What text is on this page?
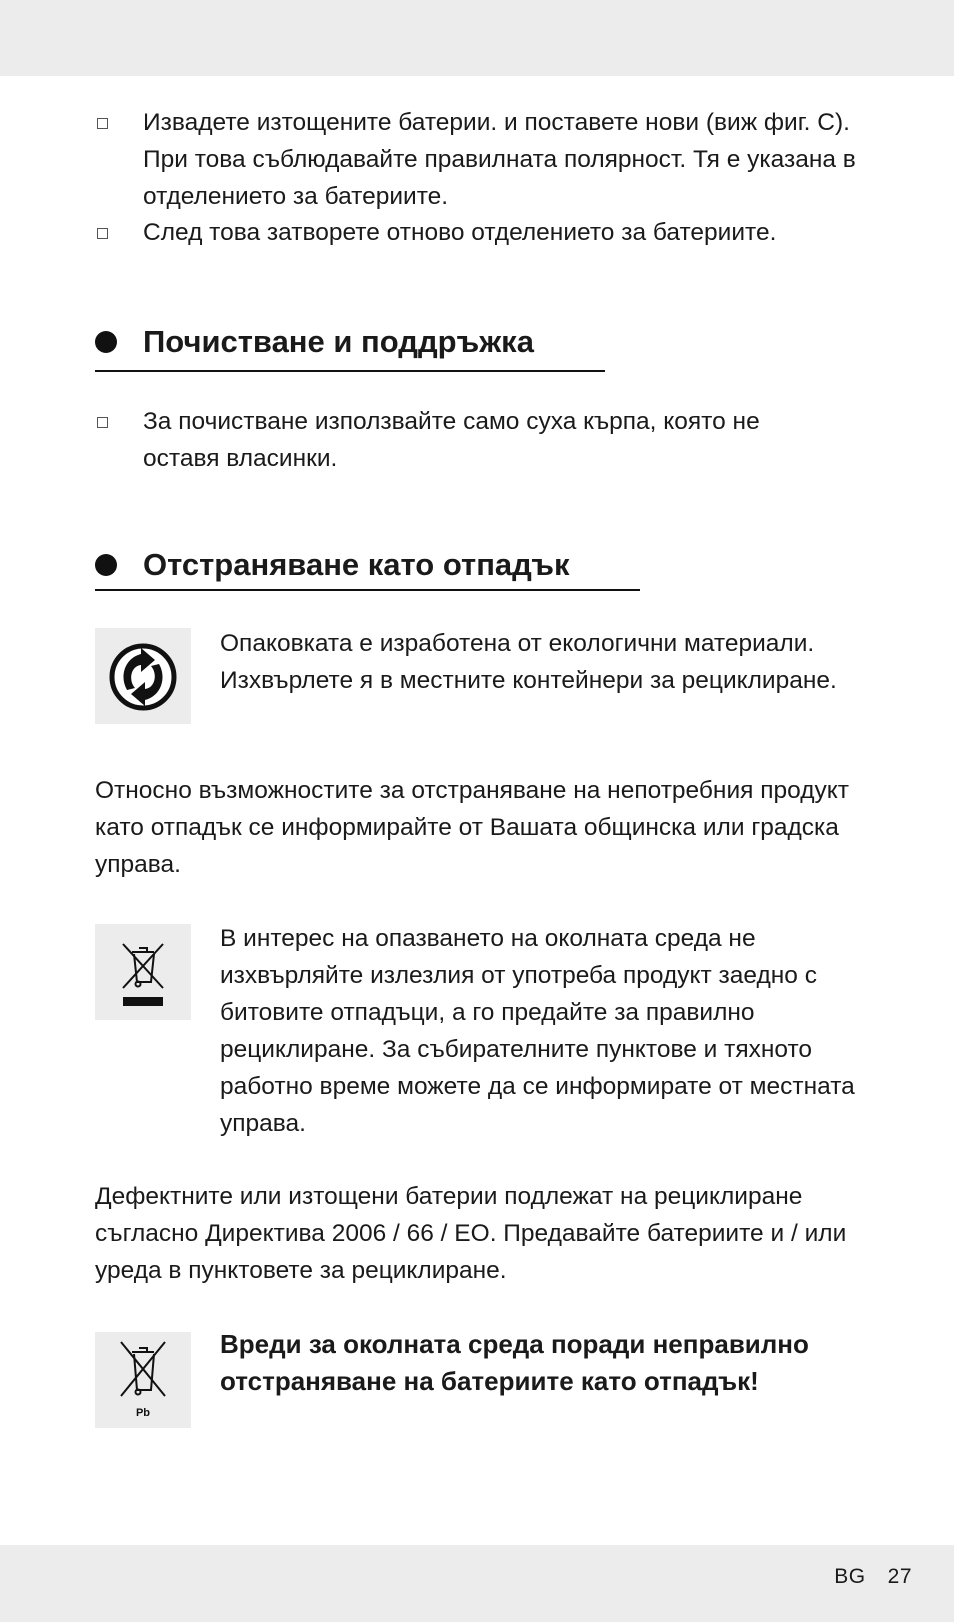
Извадете изтощените батерии. и поставете нови (виж фиг. C). При това съблюдавайте правилната полярност. Тя е указана в отделението за батериите.
След това затворете отново отделението за батериите.
Почистване и поддръжка
За почистване използвайте само суха кърпа, която не оставя власинки.
Отстраняване като отпадък
Опаковката е изработена от екологични материали. Изхвърлете я в местните контейнери за рециклиране.
Относно възможностите за отстраняване на непотребния продукт като отпадък се информирайте от Вашата общинска или градска управа.
В интерес на опазването на околната среда не изхвърляйте излезлия от употреба продукт заедно с битовите отпадъци, а го предайте за правилно рециклиране. За събирателните пунктове и тяхното работно време можете да се информирате от местната управа.
Дефектните или изтощени батерии подлежат на рециклиране съгласно Директива 2006 / 66 / EO. Предавайте батериите и / или уреда в пунктовете за рециклиране.
Pb
Вреди за околната среда поради неправилно отстраняване на батериите като отпадък!
BG 27
